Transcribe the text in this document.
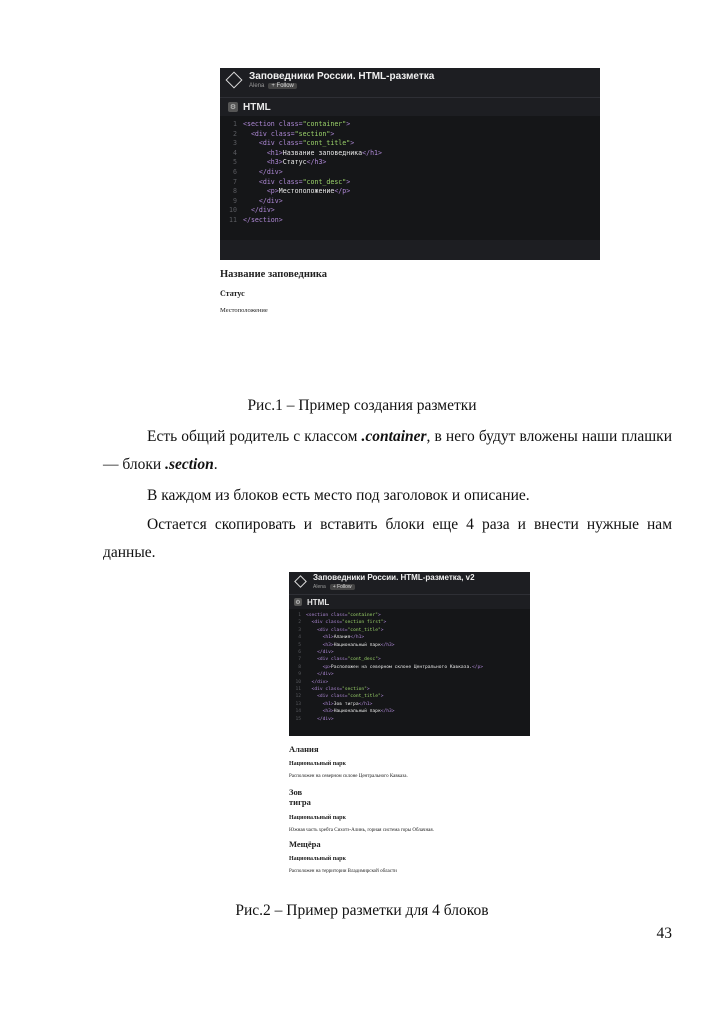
Заповедники России. HTML-разметка
Alena	+ Follow
⚙ HTML
1 <section class= "container" >
2
<div class= "section" >
3
	<div class= "cont_title" >
4
	<h1> Название заповедника </h1>
5
	<h3> Статус </h3>
6
	</div>
7
	<div class= "cont_desc" >
8
	<p> Местоположение </p>
9
	</div>
10
</div>
11 </section>
Название заповедника
Статус

Местоположение

Рис.1 – Пример создания разметки
Есть общий родитель с классом .container, в него будут вложены наши плашки — блоки .section.
В каждом из блоков есть место под заголовок и описание.
Остается скопировать и вставить блоки еще 4 раза и внести нужные нам данные.
Заповедники России. HTML-разметка, v2
Alena	+ Follow
⚙ HTML
1 <section class= "container" >
2
<div class= "section first" >
3
	<div class= "cont_title" >
4
	<h1> Алания </h1>
5
	<h3> Национальный парк </h3>
6
	</div>
7
	<div class= "cont_desc" >
8
	<p> Расположен на северном склоне Центрального Кавказа. </p>
9
	</div>
10
</div>
11
<div class= "section" >
12
	<div class= "cont_title" >
13
	<h1> Зов тигра </h1>
14
	<h3> Национальный парк </h3>
15
	</div>
Алания
Национальный парк

Расположен на северном склоне Центрального Кавказа.

Зов
тигра
Национальный парк

Южная часть хребта Сихотэ-Алинь, горная система горы Облачная.

Мещёра
Национальный парк

Расположен на территории Владимирской области

Рис.2 – Пример разметки для 4 блоков
43
